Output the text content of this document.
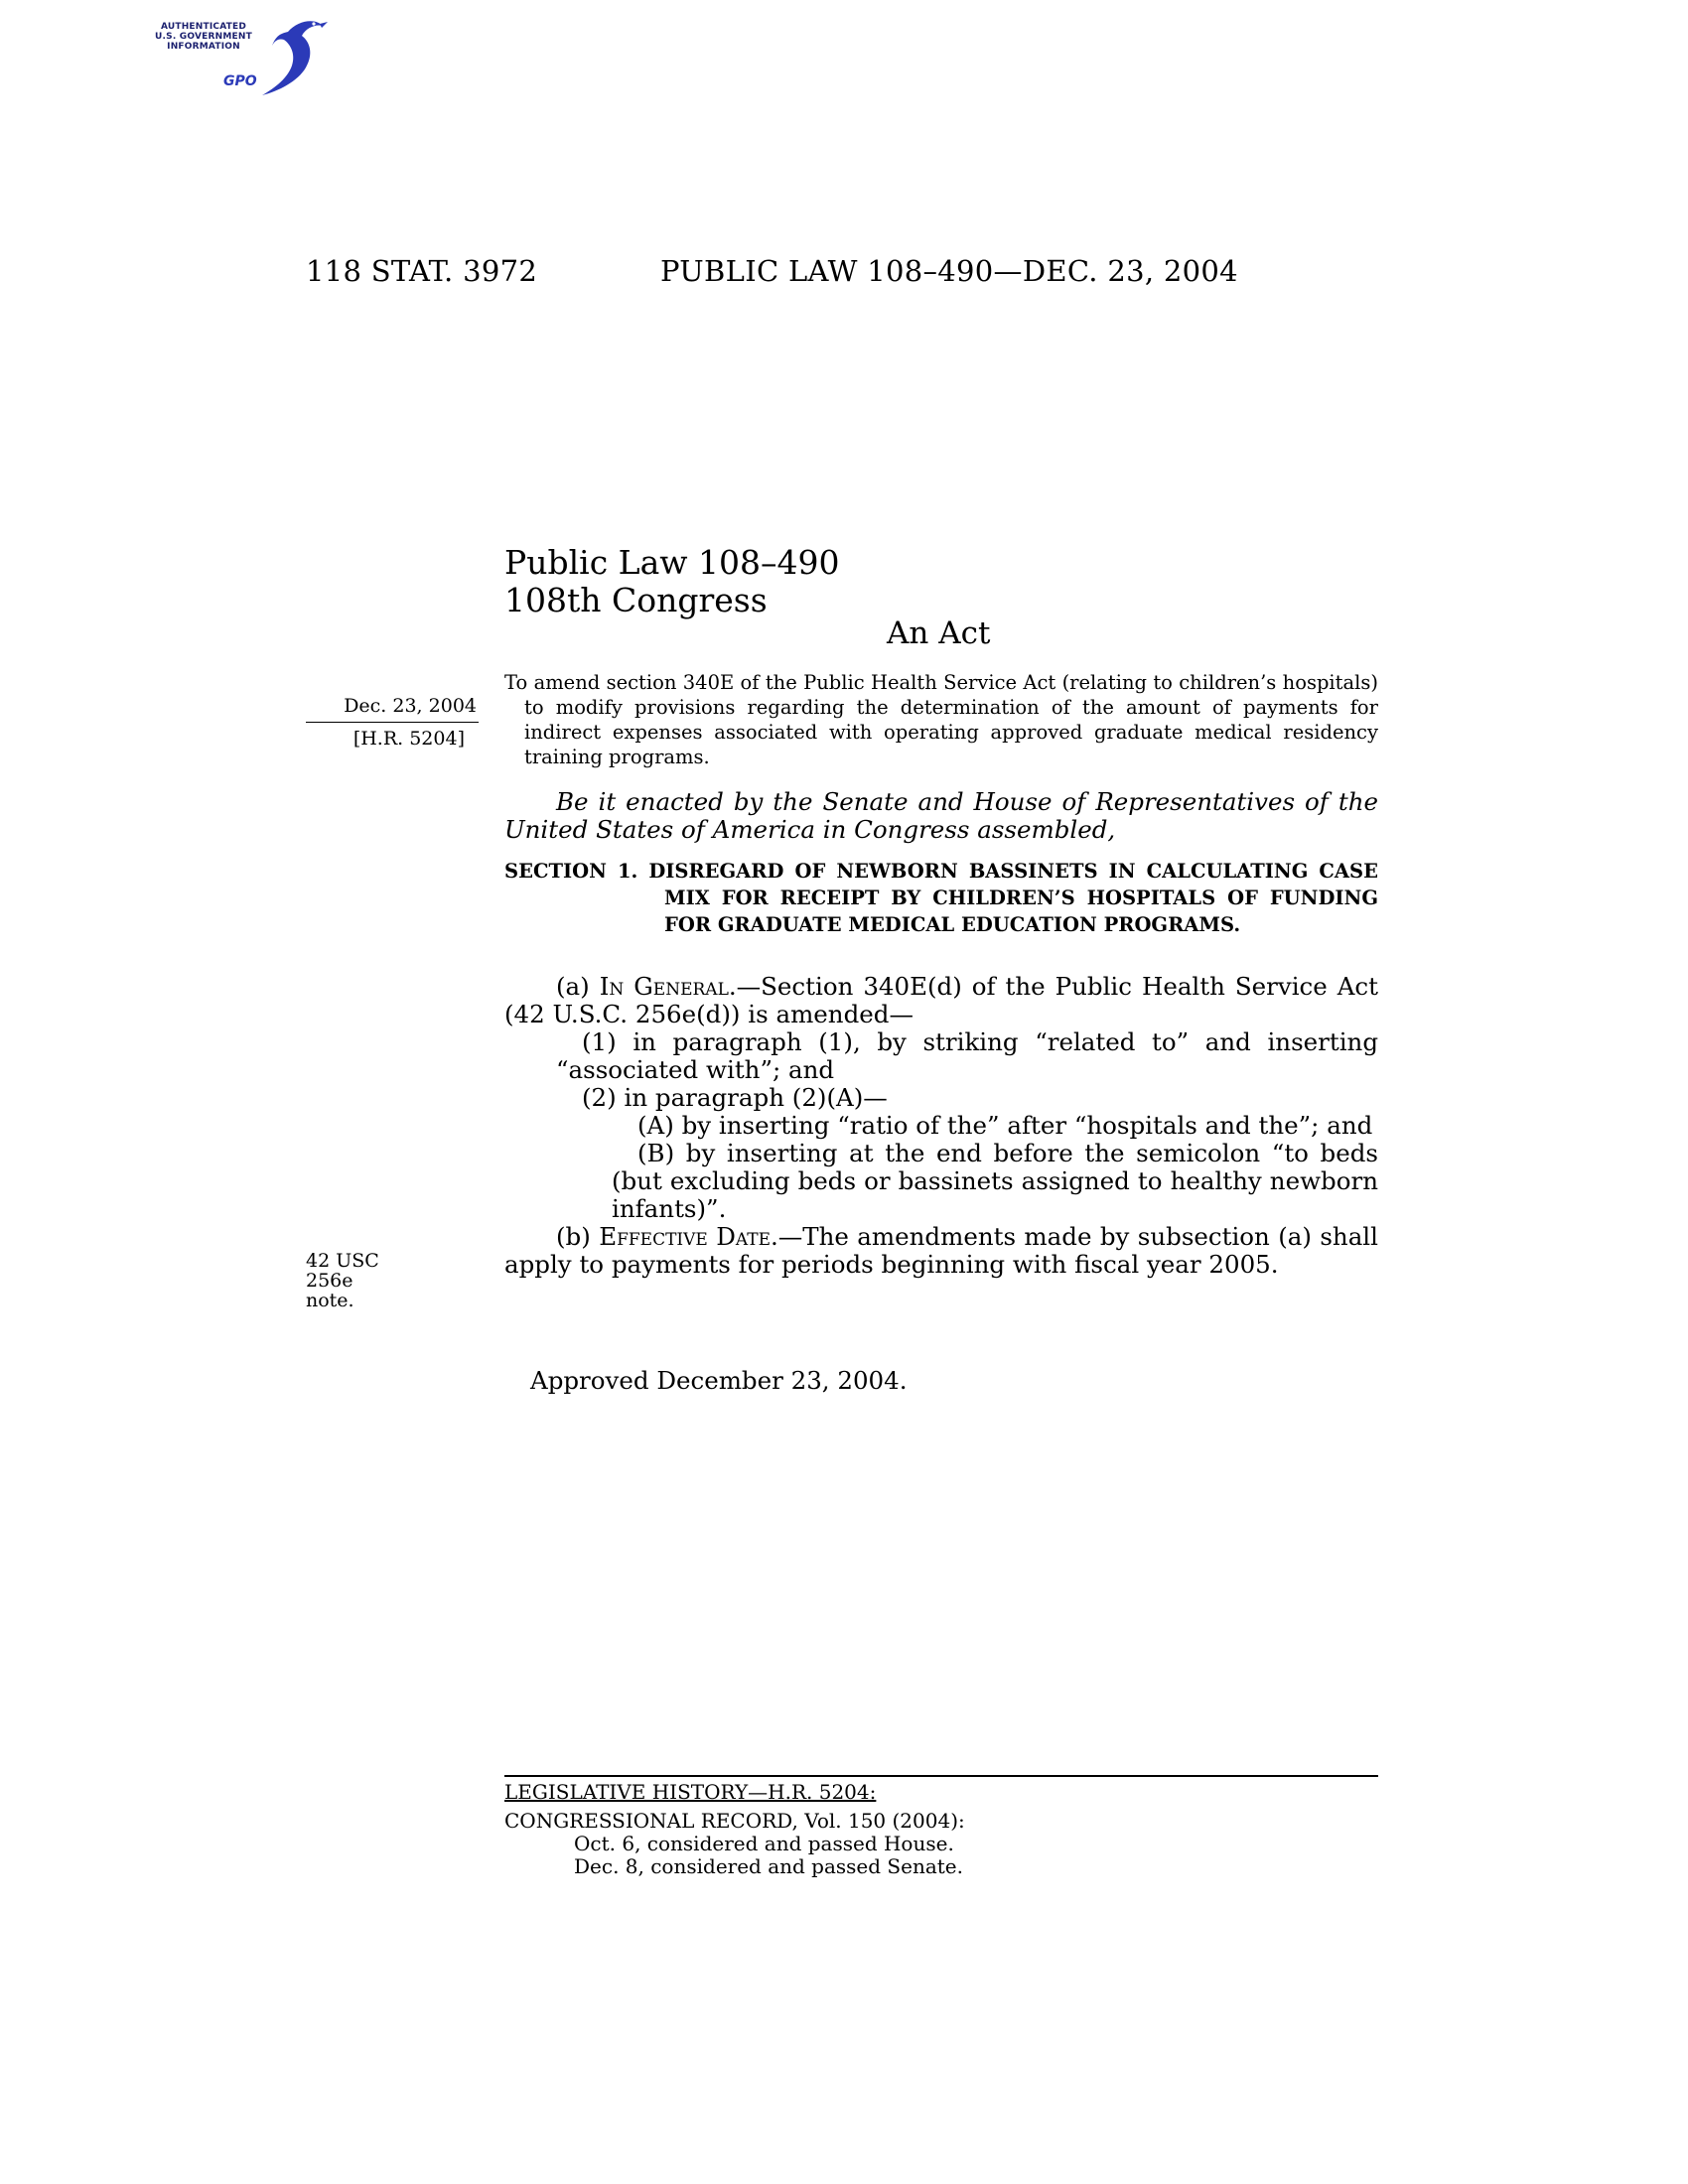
AUTHENTICATED
U.S. GOVERNMENT
INFORMATION
GPO
118 STAT. 3972	PUBLIC LAW 108–490—DEC. 23, 2004
Public Law 108–490
108th Congress
An Act
Dec. 23, 2004
[H.R. 5204]

To amend section 340E of the Public Health Service Act (relating to children’s hospitals) to modify provisions regarding the determination of the amount of payments for indirect expenses associated with operating approved graduate medical residency training programs.

Be it enacted by the Senate and House of Representatives of the United States of America in Congress assembled,

SECTION 1. DISREGARD OF NEWBORN BASSINETS IN CALCULATING CASE MIX FOR RECEIPT BY CHILDREN’S HOSPITALS OF FUNDING FOR GRADUATE MEDICAL EDUCATION PROGRAMS.

(a) In General.—Section 340E(d) of the Public Health Service Act (42 U.S.C. 256e(d)) is amended—

(1) in paragraph (1), by striking “related to” and inserting “associated with”; and

(2) in paragraph (2)(A)—

(A) by inserting “ratio of the” after “hospitals and the”; and

(B) by inserting at the end before the semicolon “to beds (but excluding beds or bassinets assigned to healthy newborn infants)”.

(b) Effective Date.—The amendments made by subsection (a) shall apply to payments for periods beginning with fiscal year 2005.

42 USC 256e
note.
Approved December 23, 2004.
LEGISLATIVE HISTORY—H.R. 5204:
CONGRESSIONAL RECORD, Vol. 150 (2004):
Oct. 6, considered and passed House.
Dec. 8, considered and passed Senate.
